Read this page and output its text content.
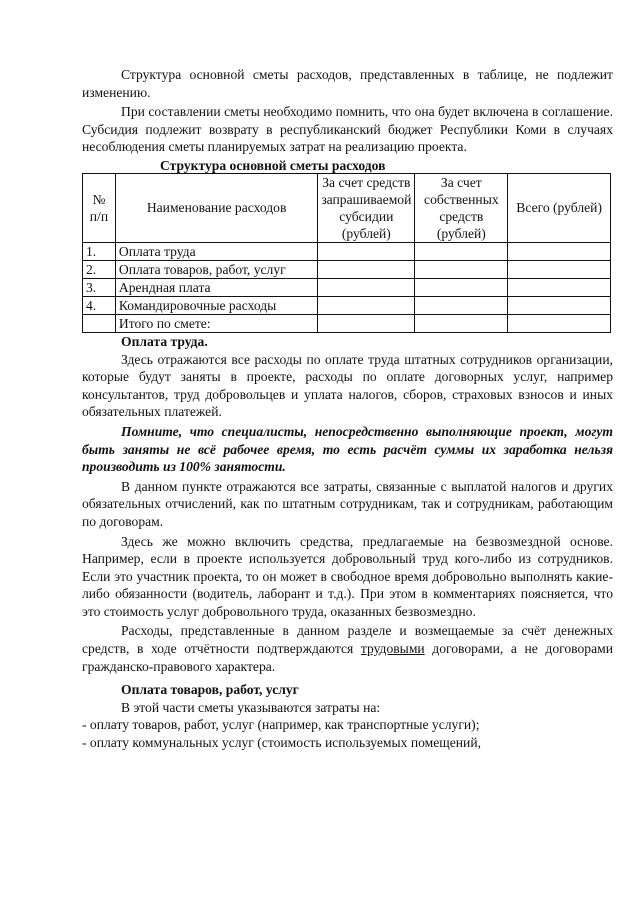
Структура основной сметы расходов, представленных в таблице, не подлежит изменению.

При составлении сметы необходимо помнить, что она будет включена в соглашение. Субсидия подлежит возврату в республиканский бюджет Республики Коми в случаях несоблюдения сметы планируемых затрат на реализацию проекта.

Структура основной сметы расходов
№ п/п	Наименование расходов	За счет средств запрашиваемой субсидии (рублей)	За счет собственных средств (рублей)	Всего (рублей)
1.	Оплата труда			
2.	Оплата товаров, работ, услуг			
3.	Арендная плата			
4.	Командировочные расходы			
	Итого по смете:			
Оплата труда.

Здесь отражаются все расходы по оплате труда штатных сотрудников организации, которые будут заняты в проекте, расходы по оплате договорных услуг, например консультантов, труд добровольцев и уплата налогов, сборов, страховых взносов и иных обязательных платежей.

Помните, что специалисты, непосредственно выполняющие проект, могут быть заняты не всё рабочее время, то есть расчёт суммы их заработка нельзя производить из 100% занятости.

В данном пункте отражаются все затраты, связанные с выплатой налогов и других обязательных отчислений, как по штатным сотрудникам, так и сотрудникам, работающим по договорам.

Здесь же можно включить средства, предлагаемые на безвозмездной основе. Например, если в проекте используется добровольный труд кого-либо из сотрудников. Если это участник проекта, то он может в свободное время добровольно выполнять какие-либо обязанности (водитель, лаборант и т.д.). При этом в комментариях поясняется, что это стоимость услуг добровольного труда, оказанных безвозмездно.

Расходы, представленные в данном разделе и возмещаемые за счёт денежных средств, в ходе отчётности подтверждаются трудовыми договорами, а не договорами гражданско-правового характера.

Оплата товаров, работ, услуг

В этой части сметы указываются затраты на:

- оплату товаров, работ, услуг (например, как транспортные услуги);

- оплату коммунальных услуг (стоимость используемых помещений,
